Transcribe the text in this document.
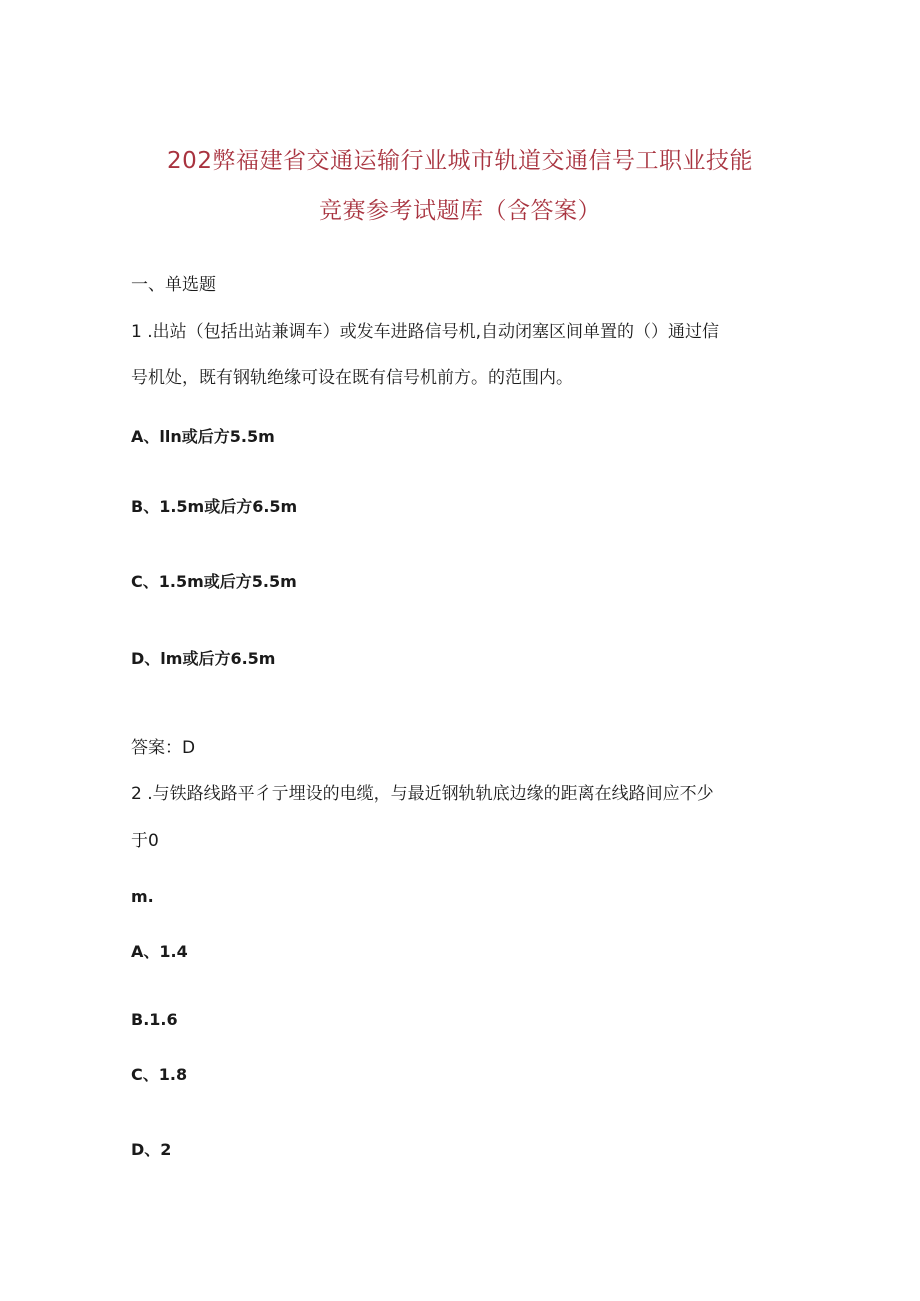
202弊福建省交通运输行业城市轨道交通信号工职业技能
竞赛参考试题库（含答案）
一、单选题
1 .出站（包括出站兼调车）或发车进路信号机,自动闭塞区间单置的（）通过信
号机处，既有钢轨绝缘可设在既有信号机前方。的范围内。
A、lln或后方5.5m
B、1.5m或后方6.5m
C、1.5m或后方5.5m
D、lm或后方6.5m
答案：D
2 .与铁路线路平彳亍埋设的电缆，与最近钢轨轨底边缘的距离在线路间应不少
于0
m.
A、1.4
B.1.6
C、1.8
D、2
